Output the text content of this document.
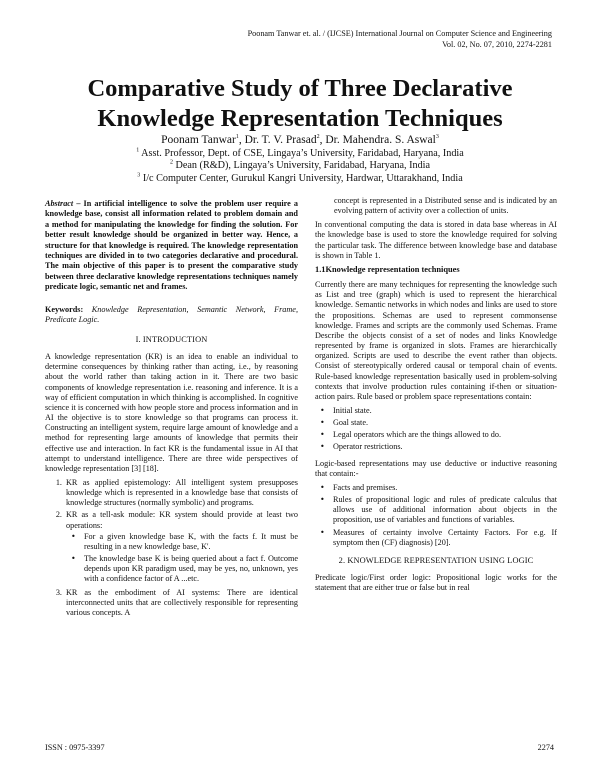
Poonam Tanwar et. al. / (IJCSE) International Journal on Computer Science and Engineering
Vol. 02, No. 07, 2010, 2274-2281
Comparative Study of Three Declarative
Knowledge Representation Techniques
Poonam Tanwar$^1$, Dr. T. V. Prasad$^2$, Dr. Mahendra. S. Aswal$^3$
$^1$ Asst. Professor, Dept. of CSE, Lingaya’s University, Faridabad, Haryana, India
$^2$ Dean (R&D), Lingaya’s University, Faridabad, Haryana, India
$^3$ I/c Computer Center, Gurukul Kangri University, Hardwar, Uttarakhand, India

Abstract – In artificial intelligence to solve the problem user require a knowledge base, consist all information related to problem domain and a method for manipulating the knowledge for finding the solution. For better result knowledge should be organized in better way. Hence, a structure for that knowledge is required. The knowledge representation techniques are divided in to two categories declarative and procedural. The main objective of this paper is to present the comparative study between three declarative knowledge representations techniques namely predicate logic, semantic net and frames.

Keywords: Knowledge Representation, Semantic Network, Frame, Predicate Logic.

I. INTRODUCTION

A knowledge representation (KR) is an idea to enable an individual to determine consequences by thinking rather than acting, i.e., by reasoning about the world rather than taking action in it. There are two basic components of knowledge representation i.e. reasoning and inference. It is a way of efficient computation in which thinking is accomplished. In cognitive science it is concerned with how people store and process information and in AI the objective is to store knowledge so that programs can process it. Constructing an intelligent system, require large amount of knowledge and a method for representing large amounts of knowledge that permits their effective use and interaction. In fact KR is the fundamental issue in AI that attempt to understand intelligence. There are three wide perspectives of knowledge representation [3] [18].

1. KR as applied epistemology: All intelligent system presupposes knowledge which is represented in a knowledge base that consists of knowledge structures (normally symbolic) and programs.
2. KR as a tell-ask module: KR system should provide at least two operations:
• For a given knowledge base K, with the facts f. It must be resulting in a new knowledge base, K'.
• The knowledge base K is being queried about a fact f. Outcome depends upon KR paradigm used, may be yes, no, unknown, yes with a confidence factor of A ...etc.
3. KR as the embodiment of AI systems: There are identical interconnected units that are collectively responsible for representing various concepts. A

concept is represented in a Distributed sense and is indicated by an evolving pattern of activity over a collection of units.

In conventional computing the data is stored in data base whereas in AI the knowledge base is used to store the knowledge required for solving the particular task. The difference between knowledge base and database is shown in Table 1.

1.1Knowledge representation techniques

Currently there are many techniques for representing the knowledge such as List and tree (graph) which is used to represent the hierarchical knowledge. Semantic networks in which nodes and links are used to store the propositions. Schemas are used to represent commonsense knowledge. Frames and scripts are the commonly used Schemas. Frame Describe the objects consist of a set of nodes and links Knowledge represented by frame is organized in slots. Frames are hierarchically organized. Scripts are used to describe the event rather than objects. Consist of stereotypically ordered causal or temporal chain of events. Rule-based knowledge representation basically used in problem-solving contexts that involve production rules containing if-then or situation-action pairs. Rule based or problem space representations contain:

• Initial state.
• Goal state.
• Legal operators which are the things allowed to do.
• Operator restrictions.

Logic-based representations may use deductive or inductive reasoning that contain:-

• Facts and premises.
• Rules of propositional logic and rules of predicate calculus that allows use of additional information about objects in the proposition, use of variables and functions of variables.
• Measures of certainty involve Certainty Factors. For e.g. If symptom then (CF) diagnosis) [20].
2. KNOWLEDGE REPRESENTATION USING LOGIC

Predicate logic/First order logic: Propositional logic works for the statement that are either true or false but in real

ISSN : 0975-3397	2274
